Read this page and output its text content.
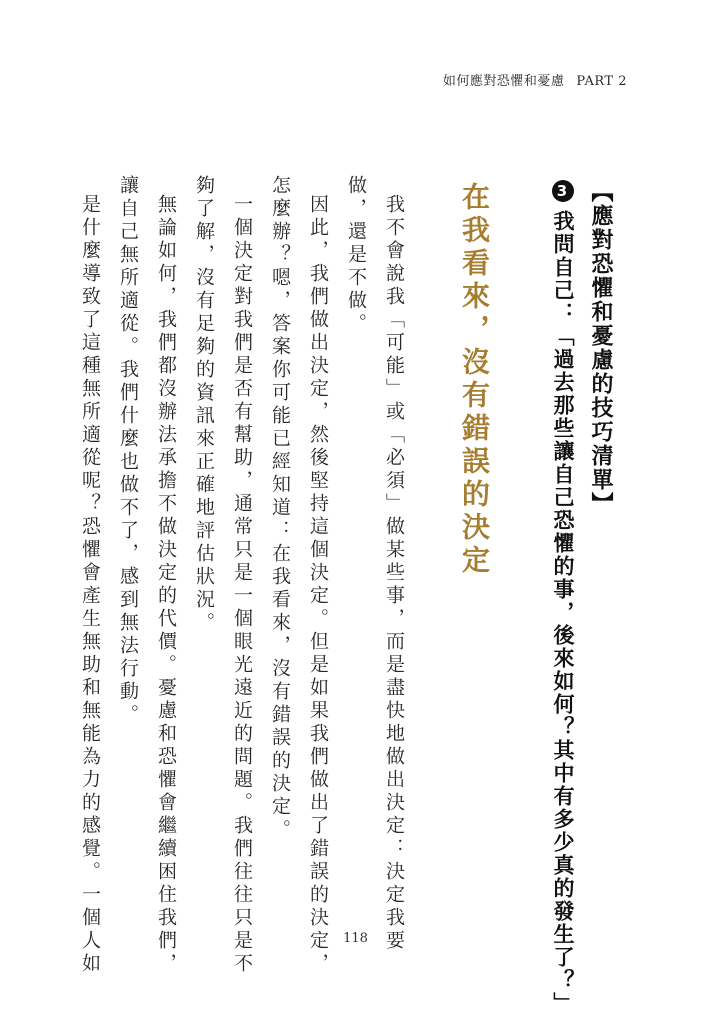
如何應對恐懼和憂慮 PART 2
【應對恐懼和憂慮的技巧清單】
3我問自己：「過去那些讓自己恐懼的事，後來如何？其中有多少真的發生了？」
在我看來，沒有錯誤的決定
我不會說我「可能」或「必須」做某些事，而是盡快地做出決定：決定我要
做，還是不做。
因此，我們做出決定，然後堅持這個決定。但是如果我們做出了錯誤的決定，
怎麼辦？嗯，答案你可能已經知道：在我看來，沒有錯誤的決定。
一個決定對我們是否有幫助，通常只是一個眼光遠近的問題。我們往往只是不
夠了解，沒有足夠的資訊來正確地評估狀況。
無論如何，我們都沒辦法承擔不做決定的代價。憂慮和恐懼會繼續困住我們，
讓自己無所適從。我們什麼也做不了，感到無法行動。
是什麼導致了這種無所適從呢？恐懼會產生無助和無能為力的感覺。一個人如	118
